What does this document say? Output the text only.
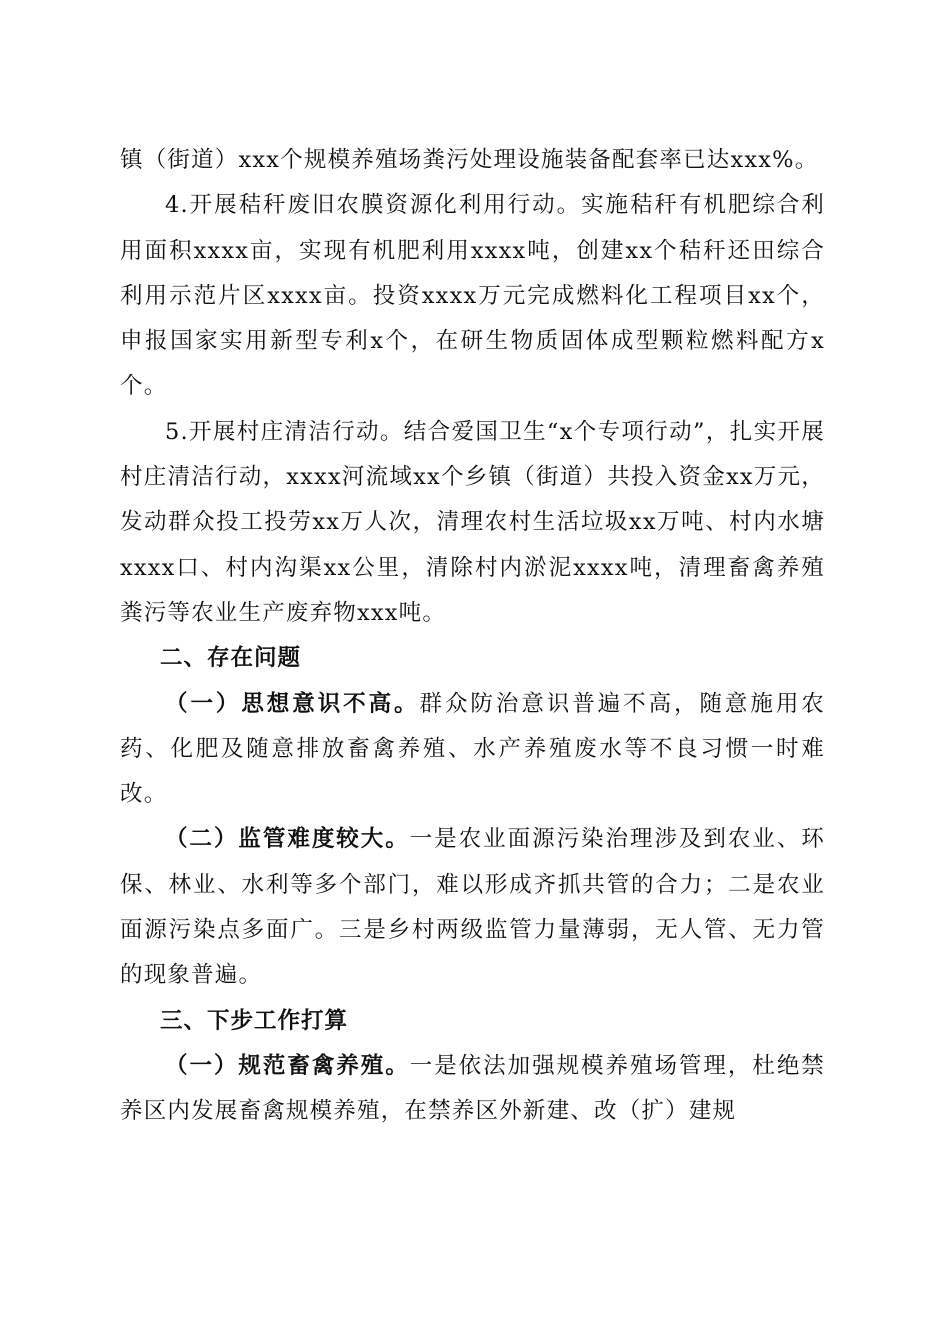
镇（街道）xxx个规模养殖场粪污处理设施装备配套率已达xxx%。

4.开展秸秆废旧农膜资源化利用行动。实施秸秆有机肥综合利用面积xxxx亩，实现有机肥利用xxxx吨，创建xx个秸秆还田综合利用示范片区xxxx亩。投资xxxx万元完成燃料化工程项目xx个，申报国家实用新型专利x个，在研生物质固体成型颗粒燃料配方x个。

5.开展村庄清洁行动。结合爱国卫生“x个专项行动”，扎实开展村庄清洁行动，xxxx河流域xx个乡镇（街道）共投入资金xx万元，发动群众投工投劳xx万人次，清理农村生活垃圾xx万吨、村内水塘xxxx口、村内沟渠xx公里，清除村内淤泥xxxx吨，清理畜禽养殖粪污等农业生产废弃物xxx吨。

二、存在问题

（一）思想意识不高。群众防治意识普遍不高，随意施用农药、化肥及随意排放畜禽养殖、水产养殖废水等不良习惯一时难改。

（二）监管难度较大。一是农业面源污染治理涉及到农业、环保、林业、水利等多个部门，难以形成齐抓共管的合力；二是农业面源污染点多面广。三是乡村两级监管力量薄弱，无人管、无力管的现象普遍。

三、下步工作打算

（一）规范畜禽养殖。一是依法加强规模养殖场管理，杜绝禁养区内发展畜禽规模养殖，在禁养区外新建、改（扩）建规
